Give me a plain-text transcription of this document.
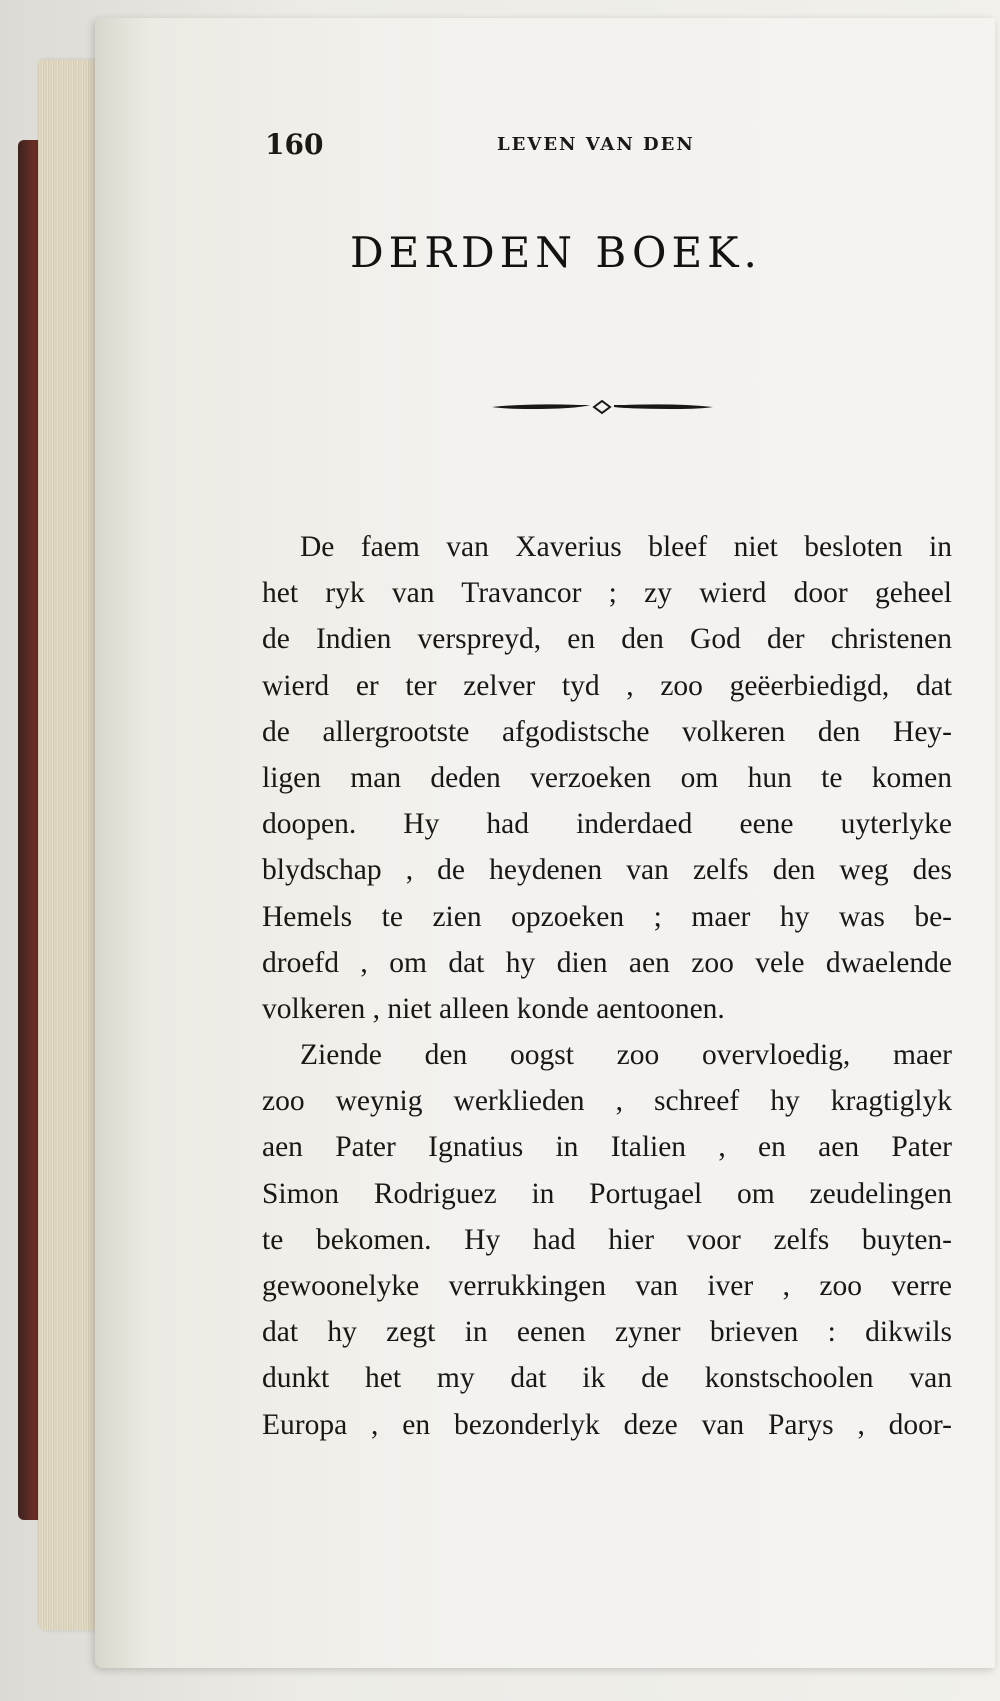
160	LEVEN VAN DEN
DERDEN BOEK.
De faem van Xaverius bleef niet besloten in
het ryk van Travancor ; zy wierd door geheel
de Indien verspreyd, en den God der christenen
wierd er ter zelver tyd , zoo geëerbiedigd, dat
de allergrootste afgodistsche volkeren den Hey-
ligen man deden verzoeken om hun te komen
doopen. Hy had inderdaed eene uyterlyke
blydschap , de heydenen van zelfs den weg des
Hemels te zien opzoeken ; maer hy was be-
droefd , om dat hy dien aen zoo vele dwaelende
volkeren , niet alleen konde aentoonen.
Ziende den oogst zoo overvloedig, maer
zoo weynig werklieden , schreef hy kragtiglyk
aen Pater Ignatius in Italien , en aen Pater
Simon Rodriguez in Portugael om zeudelingen
te bekomen. Hy had hier voor zelfs buyten-
gewoonelyke verrukkingen van iver , zoo verre
dat hy zegt in eenen zyner brieven : dikwils
dunkt het my dat ik de konstschoolen van
Europa , en bezonderlyk deze van Parys , door-
